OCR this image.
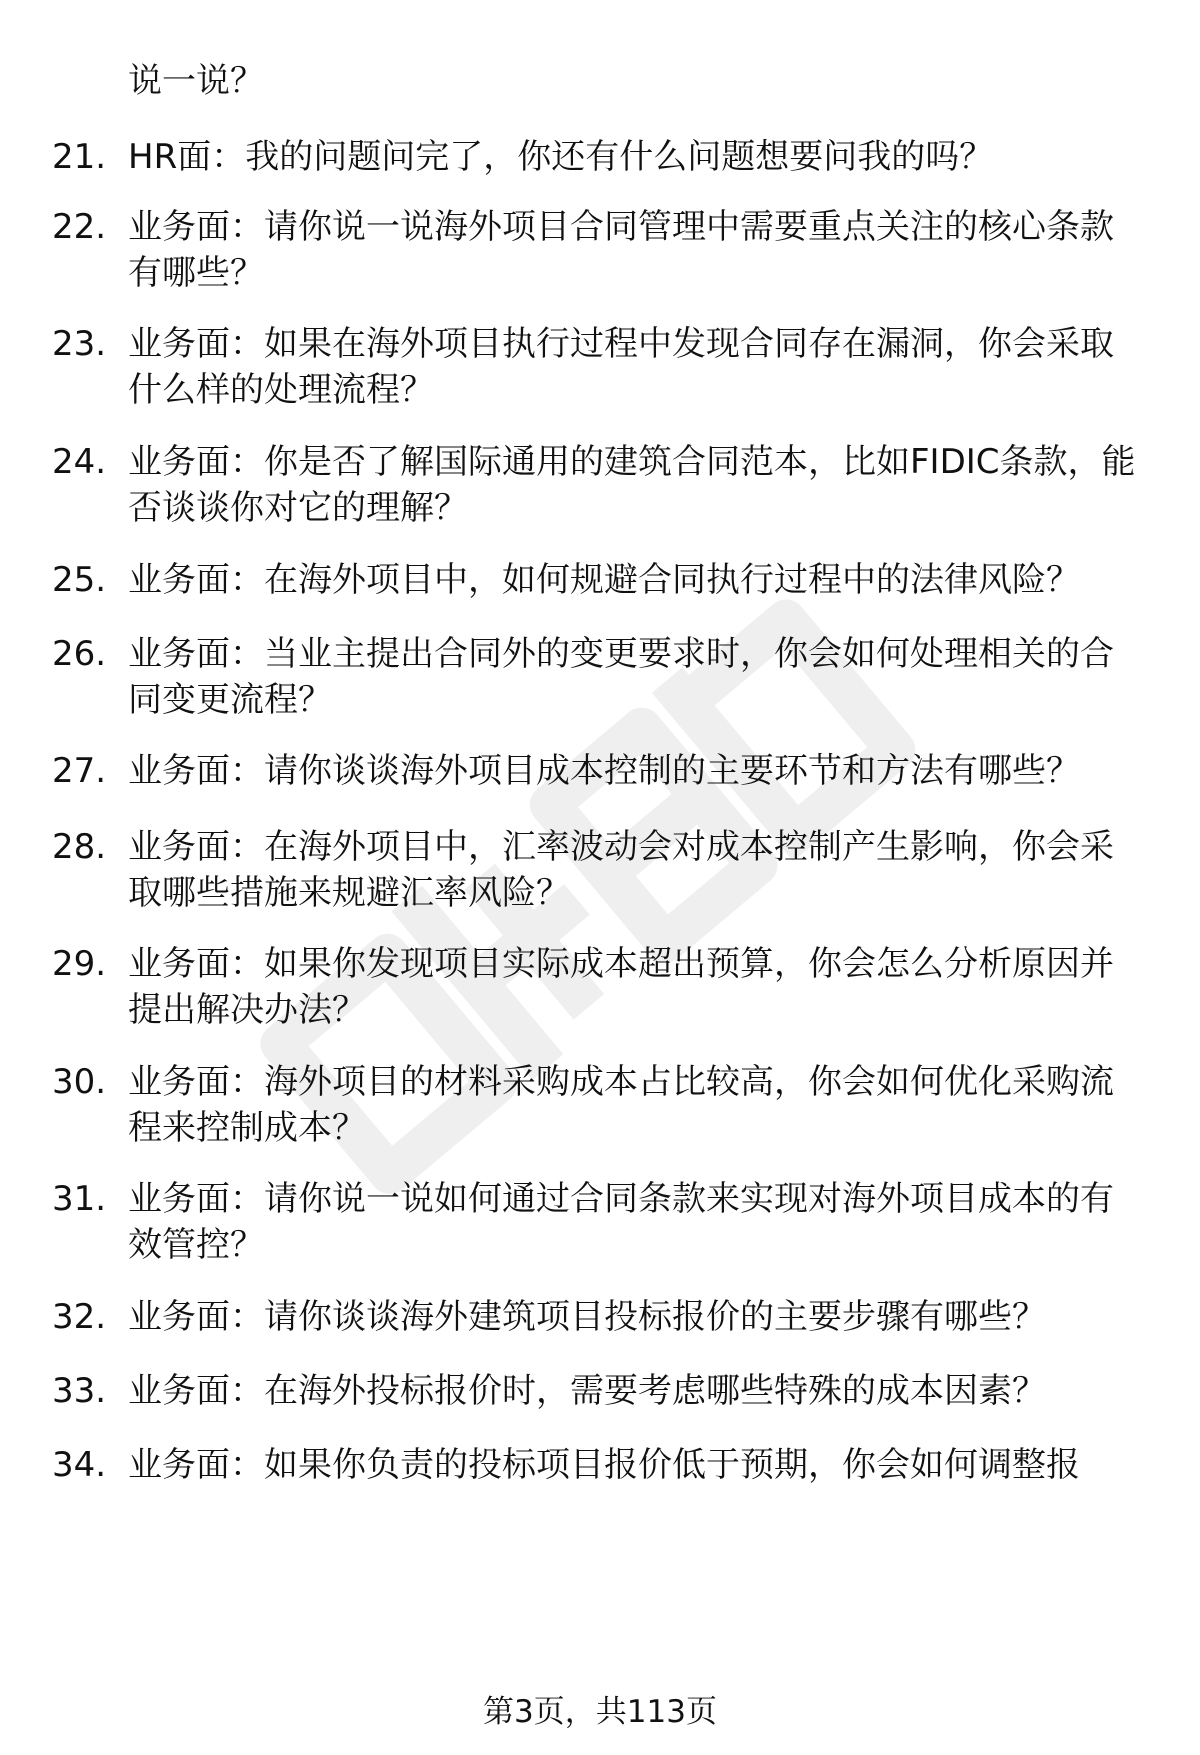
说一说？

21. HR面：我的问题问完了，你还有什么问题想要问我的吗？

22. 业务面：请你说一说海外项目合同管理中需要重点关注的核心条款有哪些？

23. 业务面：如果在海外项目执行过程中发现合同存在漏洞，你会采取什么样的处理流程？

24. 业务面：你是否了解国际通用的建筑合同范本，比如FIDIC条款，能否谈谈你对它的理解？

25. 业务面：在海外项目中，如何规避合同执行过程中的法律风险？

26. 业务面：当业主提出合同外的变更要求时，你会如何处理相关的合同变更流程？

27. 业务面：请你谈谈海外项目成本控制的主要环节和方法有哪些？

28. 业务面：在海外项目中，汇率波动会对成本控制产生影响，你会采取哪些措施来规避汇率风险？

29. 业务面：如果你发现项目实际成本超出预算，你会怎么分析原因并提出解决办法？

30. 业务面：海外项目的材料采购成本占比较高，你会如何优化采购流程来控制成本？

31. 业务面：请你说一说如何通过合同条款来实现对海外项目成本的有效管控？

32. 业务面：请你谈谈海外建筑项目投标报价的主要步骤有哪些？

33. 业务面：在海外投标报价时，需要考虑哪些特殊的成本因素？

34. 业务面：如果你负责的投标项目报价低于预期，你会如何调整报

第3页，共113页
